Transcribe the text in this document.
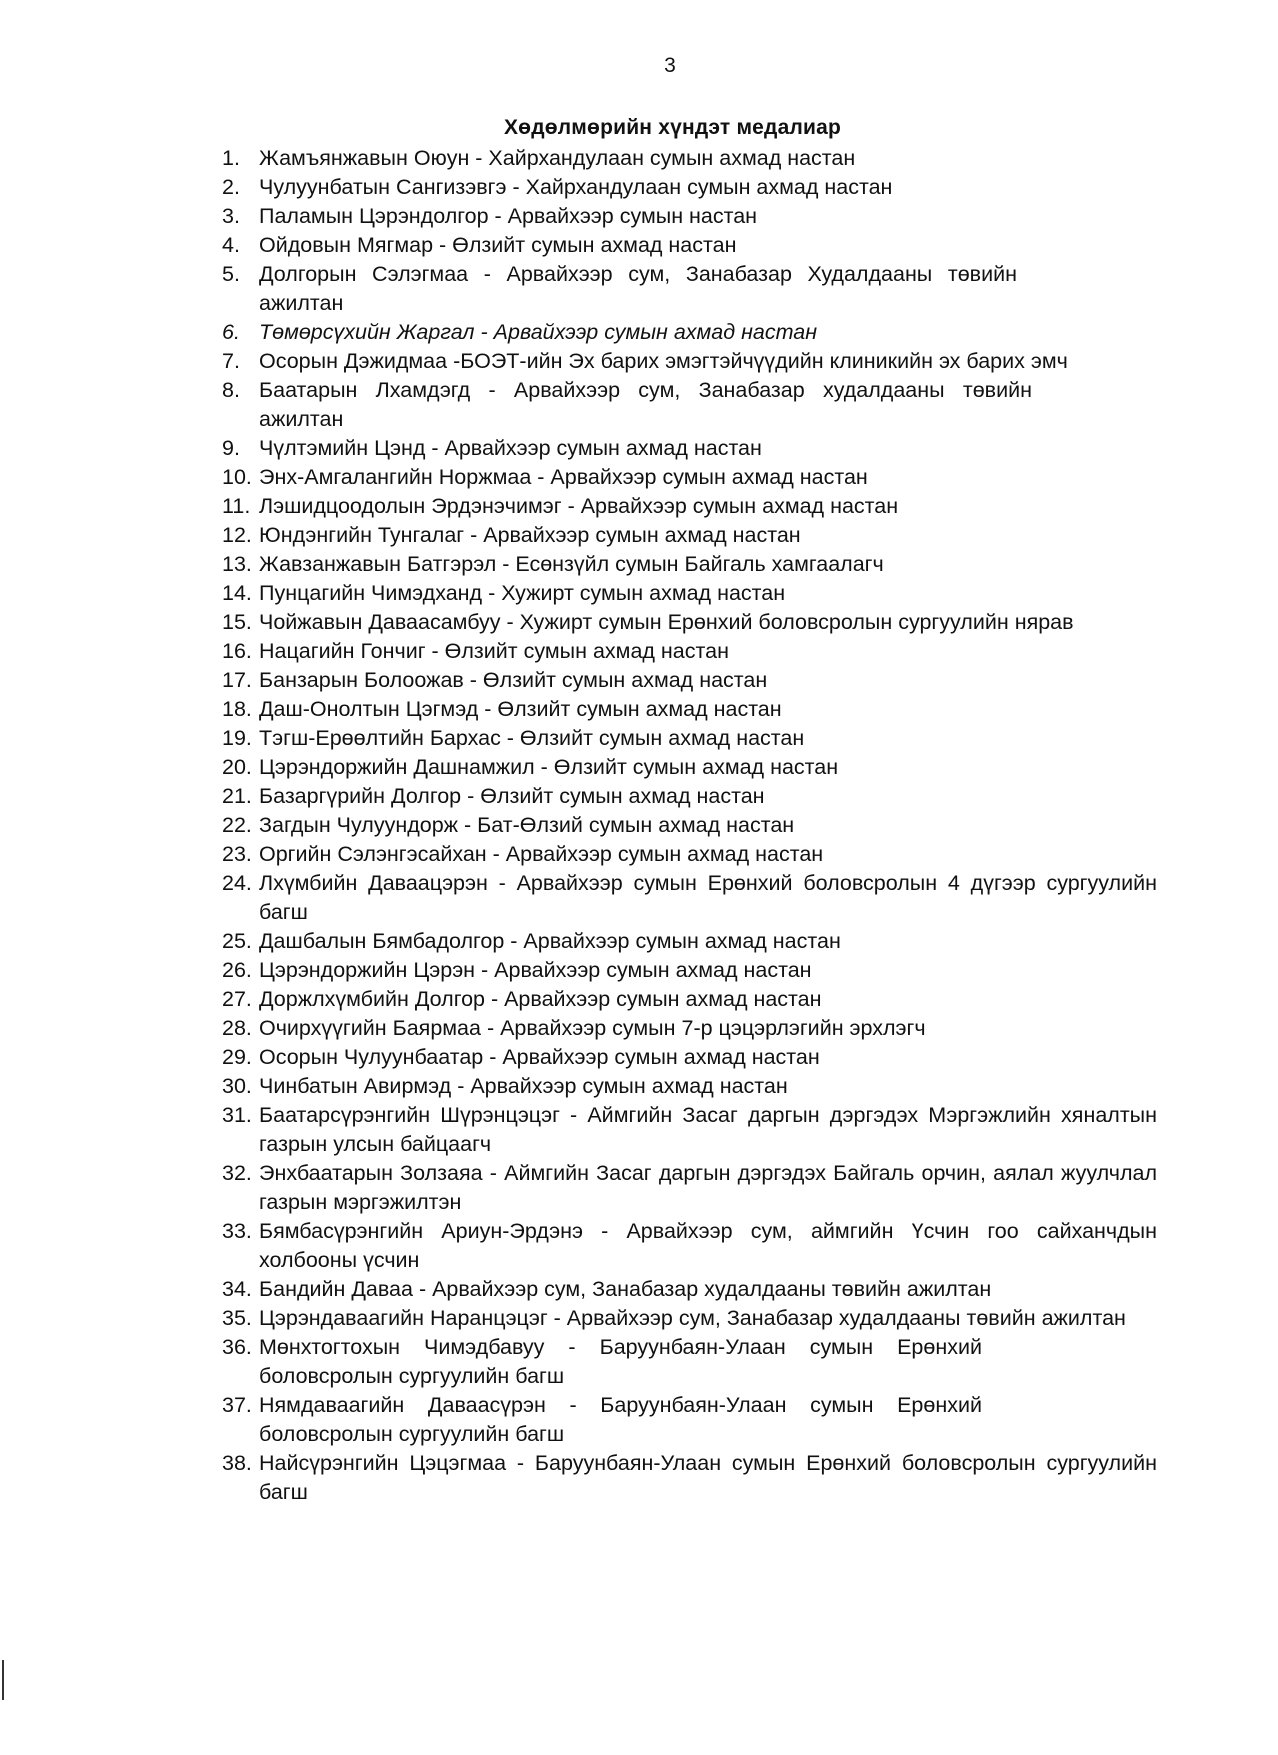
3
Хөдөлмөрийн хүндэт медалиар
1. Жамъянжавын Оюун - Хайрхандулаан сумын ахмад настан
2. Чулуунбатын Сангизэвгэ - Хайрхандулаан сумын ахмад настан
3. Паламын Цэрэндолгор - Арвайхээр сумын настан
4. Ойдовын Мягмар - Өлзийт сумын ахмад настан
5. Долгорын Сэлэгмаа - Арвайхээр сум, Занабазар Худалдааны төвийн ажилтан
6. Төмөрсүхийн Жаргал - Арвайхээр сумын ахмад настан
7. Осорын Дэжидмаа -БОЭТ-ийн Эх барих эмэгтэйчүүдийн клиникийн эх барих эмч
8. Баатарын Лхамдэгд - Арвайхээр сум, Занабазар худалдааны төвийн ажилтан
9. Чүлтэмийн Цэнд - Арвайхээр сумын ахмад настан
10. Энх-Амгалангийн Норжмаа - Арвайхээр сумын ахмад настан
11. Лэшидцоодолын Эрдэнэчимэг - Арвайхээр сумын ахмад настан
12. Юндэнгийн Тунгалаг - Арвайхээр сумын ахмад настан
13. Жавзанжавын Батгэрэл - Есөнзүйл сумын Байгаль хамгаалагч
14. Пунцагийн Чимэдханд - Хужирт сумын ахмад настан
15. Чойжавын Даваасамбуу - Хужирт сумын Ерөнхий боловсролын сургуулийн нярав
16. Нацагийн Гончиг - Өлзийт сумын ахмад настан
17. Банзарын Болоожав - Өлзийт сумын ахмад настан
18. Даш-Онолтын Цэгмэд - Өлзийт сумын ахмад настан
19. Тэгш-Ерөөлтийн Бархас - Өлзийт сумын ахмад настан
20. Цэрэндоржийн Дашнамжил - Өлзийт сумын ахмад настан
21. Базаргүрийн Долгор - Өлзийт сумын ахмад настан
22. Загдын Чулуундорж - Бат-Өлзий сумын ахмад настан
23. Оргийн Сэлэнгэсайхан - Арвайхээр сумын ахмад настан
24. Лхүмбийн Даваацэрэн - Арвайхээр сумын Ерөнхий боловсролын 4 дүгээр сургуулийн багш
25. Дашбалын Бямбадолгор - Арвайхээр сумын ахмад настан
26. Цэрэндоржийн Цэрэн - Арвайхээр сумын ахмад настан
27. Доржлхүмбийн Долгор - Арвайхээр сумын ахмад настан
28. Очирхүүгийн Баярмаа - Арвайхээр сумын 7-р цэцэрлэгийн эрхлэгч
29. Осорын Чулуунбаатар - Арвайхээр сумын ахмад настан
30. Чинбатын Авирмэд - Арвайхээр сумын ахмад настан
31. Баатарсүрэнгийн Шүрэнцэцэг - Аймгийн Засаг даргын дэргэдэх Мэргэжлийн хяналтын газрын улсын байцаагч
32. Энхбаатарын Золзаяа - Аймгийн Засаг даргын дэргэдэх Байгаль орчин, аялал жуулчлал газрын мэргэжилтэн
33. Бямбасүрэнгийн Ариун-Эрдэнэ - Арвайхээр сум, аймгийн Үсчин гоо сайханчдын холбооны үсчин
34. Бандийн Даваа - Арвайхээр сум, Занабазар худалдааны төвийн ажилтан
35. Цэрэндаваагийн Наранцэцэг - Арвайхээр сум, Занабазар худалдааны төвийн ажилтан
36. Мөнхтогтохын Чимэдбавуу - Баруунбаян-Улаан сумын Ерөнхий боловсролын сургуулийн багш
37. Нямдаваагийн Даваасүрэн - Баруунбаян-Улаан сумын Ерөнхий боловсролын сургуулийн багш
38. Найсүрэнгийн Цэцэгмаа - Баруунбаян-Улаан сумын Ерөнхий боловсролын сургуулийн багш
